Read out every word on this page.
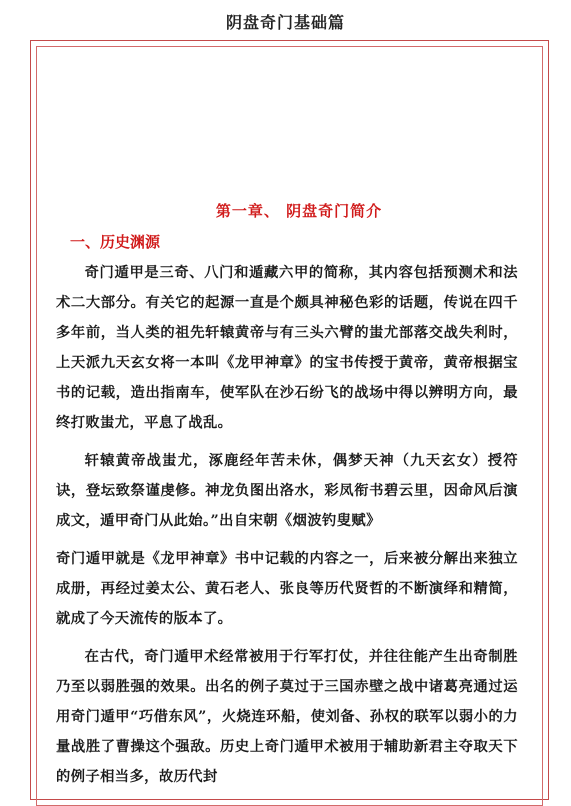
阴盘奇门基础篇
第一章、 阴盘奇门简介
一、历史渊源

奇门遁甲是三奇、八门和遁藏六甲的简称，其内容包括预测术和法术二大部分。有关它的起源一直是个颇具神秘色彩的话题，传说在四千多年前，当人类的祖先轩辕黄帝与有三头六臂的蚩尤部落交战失利时，上天派九天玄女将一本叫《龙甲神章》的宝书传授于黄帝，黄帝根据宝书的记载，造出指南车，使军队在沙石纷飞的战场中得以辨明方向，最终打败蚩尤，平息了战乱。

轩辕黄帝战蚩尤，涿鹿经年苦未休，偶梦天神（九天玄女）授符诀，登坛致祭谨虔修。神龙负图出洛水，彩凤衔书碧云里，因命风后演成文，遁甲奇门从此始。”出自宋朝《烟波钓叟赋》

奇门遁甲就是《龙甲神章》书中记载的内容之一，后来被分解出来独立成册，再经过姜太公、黄石老人、张良等历代贤哲的不断演绎和精简，就成了今天流传的版本了。

在古代，奇门遁甲术经常被用于行军打仗，并往往能产生出奇制胜乃至以弱胜强的效果。出名的例子莫过于三国赤壁之战中诸葛亮通过运用奇门遁甲“巧借东风”，火烧连环船，使刘备、孙权的联军以弱小的力量战胜了曹操这个强敌。历史上奇门遁甲术被用于辅助新君主夺取天下的例子相当多，故历代封
